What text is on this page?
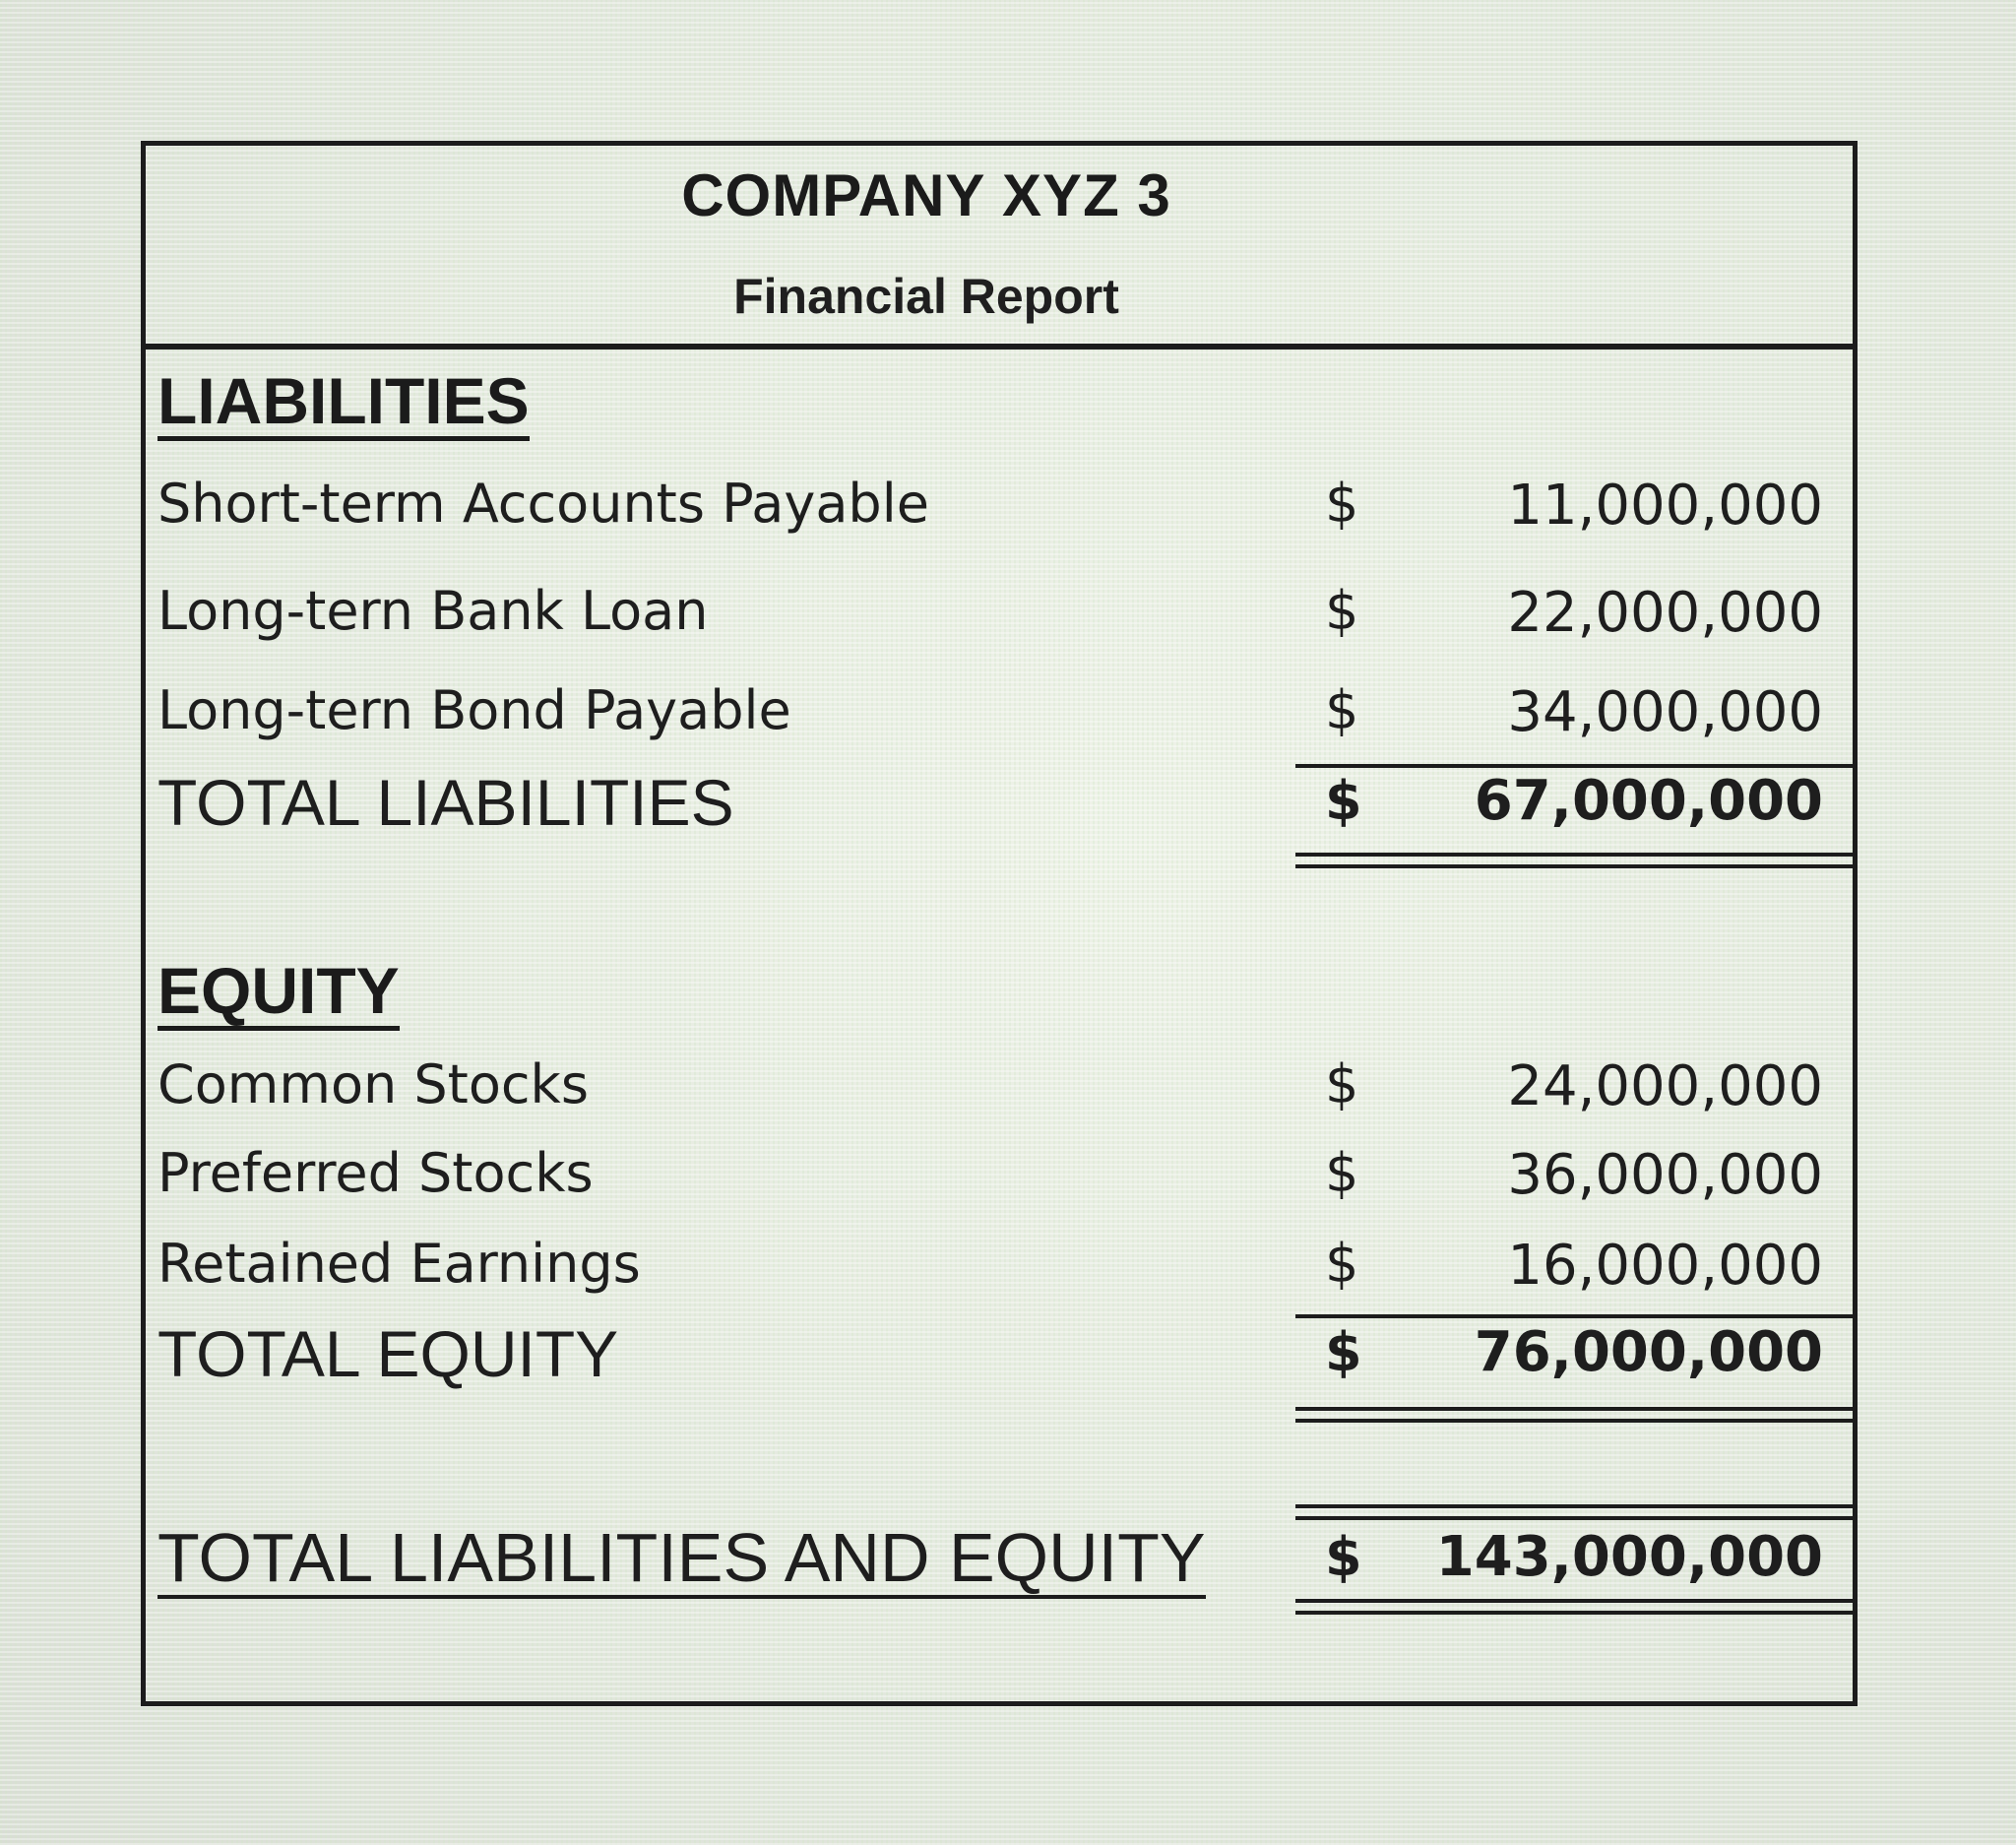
COMPANY XYZ 3
Financial Report
LIABILITIES
Short-term Accounts Payable	$	11,000,000
Long-tern Bank Loan	$	22,000,000
Long-tern Bond Payable	$	34,000,000
TOTAL LIABILITIES	$ 67,000,000
EQUITY
Common Stocks	$	24,000,000
Preferred Stocks	$	36,000,000
Retained Earnings	$	16,000,000
TOTAL EQUITY	$ 76,000,000
TOTAL LIABILITIES AND EQUITY $ 143,000,000
